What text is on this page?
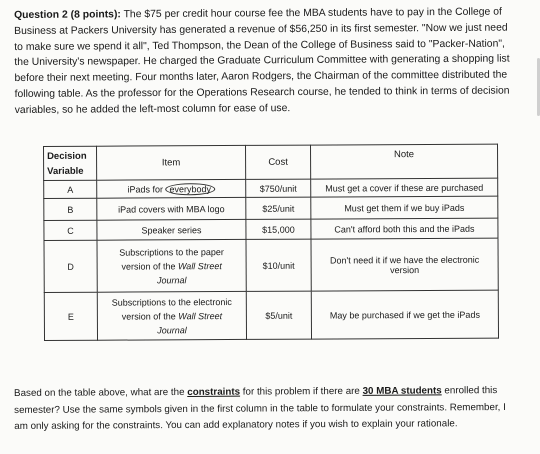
Question 2 (8 points): The $75 per credit hour course fee the MBA students have to pay in the College of Business at Packers University has generated a revenue of $56,250 in its first semester. "Now we just need to make sure we spend it all", Ted Thompson, the Dean of the College of Business said to "Packer-Nation", the University's newspaper. He charged the Graduate Curriculum Committee with generating a shopping list before their next meeting. Four months later, Aaron Rodgers, the Chairman of the committee distributed the following table. As the professor for the Operations Research course, he tended to think in terms of decision variables, so he added the left-most column for ease of use.
Decision Variable	Item	Cost	Note
A	iPads for everybody	$750/unit	Must get a cover if these are purchased
B	iPad covers with MBA logo	$25/unit	Must get them if we buy iPads
C	Speaker series	$15,000	Can't afford both this and the iPads
D	Subscriptions to the paper
version of the Wall Street
Journal	$10/unit	Don't need it if we have the electronic version
E	Subscriptions to the electronic
version of the Wall Street
Journal	$5/unit	May be purchased if we get the iPads
Based on the table above, what are the constraints for this problem if there are 30 MBA students enrolled this semester? Use the same symbols given in the first column in the table to formulate your constraints. Remember, I am only asking for the constraints. You can add explanatory notes if you wish to explain your rationale.
